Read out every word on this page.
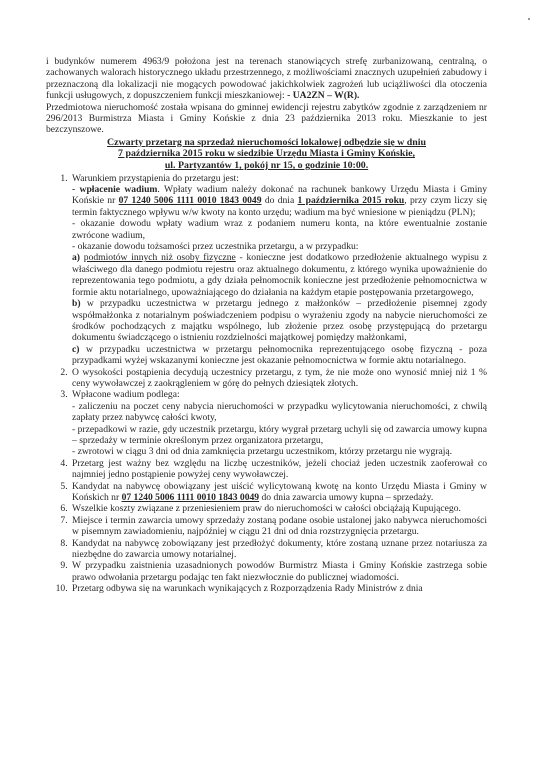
i budynków numerem 4963/9 położona jest na terenach stanowiących strefę zurbanizowaną, centralną, o zachowanych walorach historycznego układu przestrzennego, z możliwościami znacznych uzupełnień zabudowy i przeznaczoną dla lokalizacji nie mogących powodować jakichkolwiek zagrożeń lub uciążliwości dla otoczenia funkcji usługowych, z dopuszczeniem funkcji mieszkaniowej: - UA2ZN – W(R).

Przedmiotowa nieruchomość została wpisana do gminnej ewidencji rejestru zabytków zgodnie z zarządzeniem nr 296/2013 Burmistrza Miasta i Gminy Końskie z dnia 23 października 2013 roku. Mieszkanie to jest bezczynszowe.

Czwarty przetarg na sprzedaż nieruchomości lokalowej odbędzie się w dniu
7 października 2015 roku w siedzibie Urzędu Miasta i Gminy Końskie,
ul. Partyzantów 1, pokój nr 15, o godzinie 10:00.

1. Warunkiem przystąpienia do przetargu jest:

- wpłacenie wadium. Wpłaty wadium należy dokonać na rachunek bankowy Urzędu Miasta i Gminy Końskie nr 07 1240 5006 1111 0010 1843 0049 do dnia 1 października 2015 roku, przy czym liczy się termin faktycznego wpływu w/w kwoty na konto urzędu; wadium ma być wniesione w pieniądzu (PLN);

- okazanie dowodu wpłaty wadium wraz z podaniem numeru konta, na które ewentualnie zostanie zwrócone wadium,

- okazanie dowodu tożsamości przez uczestnika przetargu, a w przypadku:

a) podmiotów innych niż osoby fizyczne - konieczne jest dodatkowo przedłożenie aktualnego wypisu z właściwego dla danego podmiotu rejestru oraz aktualnego dokumentu, z którego wynika upoważnienie do reprezentowania tego podmiotu, a gdy działa pełnomocnik konieczne jest przedłożenie pełnomocnictwa w formie aktu notarialnego, upoważniającego do działania na każdym etapie postępowania przetargowego,

b) w przypadku uczestnictwa w przetargu jednego z małżonków – przedłożenie pisemnej zgody współmałżonka z notarialnym poświadczeniem podpisu o wyrażeniu zgody na nabycie nieruchomości ze środków pochodzących z majątku wspólnego, lub złożenie przez osobę przystępującą do przetargu dokumentu świadczącego o istnieniu rozdzielności majątkowej pomiędzy małżonkami,

c) w przypadku uczestnictwa w przetargu pełnomocnika reprezentującego osobę fizyczną - poza przypadkami wyżej wskazanymi konieczne jest okazanie pełnomocnictwa w formie aktu notarialnego.

2. O wysokości postąpienia decydują uczestnicy przetargu, z tym, że nie może ono wynosić mniej niż 1 % ceny wywoławczej z zaokrągleniem w górę do pełnych dziesiątek złotych.

3. Wpłacone wadium podlega:

- zaliczeniu na poczet ceny nabycia nieruchomości w przypadku wylicytowania nieruchomości, z chwilą zapłaty przez nabywcę całości kwoty,

- przepadkowi w razie, gdy uczestnik przetargu, który wygrał przetarg uchyli się od zawarcia umowy kupna – sprzedaży w terminie określonym przez organizatora przetargu,

- zwrotowi w ciągu 3 dni od dnia zamknięcia przetargu uczestnikom, którzy przetargu nie wygrają.

4. Przetarg jest ważny bez względu na liczbę uczestników, jeżeli chociaż jeden uczestnik zaoferował co najmniej jedno postąpienie powyżej ceny wywoławczej.
5. Kandydat na nabywcę obowiązany jest uiścić wylicytowaną kwotę na konto Urzędu Miasta i Gminy w Końskich nr 07 1240 5006 1111 0010 1843 0049 do dnia zawarcia umowy kupna – sprzedaży.
6. Wszelkie koszty związane z przeniesieniem praw do nieruchomości w całości obciążają Kupującego.
7. Miejsce i termin zawarcia umowy sprzedaży zostaną podane osobie ustalonej jako nabywca nieruchomości w pisemnym zawiadomieniu, najpóźniej w ciągu 21 dni od dnia rozstrzygnięcia przetargu.
8. Kandydat na nabywcę zobowiązany jest przedłożyć dokumenty, które zostaną uznane przez notariusza za niezbędne do zawarcia umowy notarialnej.
9. W przypadku zaistnienia uzasadnionych powodów Burmistrz Miasta i Gminy Końskie zastrzega sobie prawo odwołania przetargu podając ten fakt niezwłocznie do publicznej wiadomości.
10. Przetarg odbywa się na warunkach wynikających z Rozporządzenia Rady Ministrów z dnia
